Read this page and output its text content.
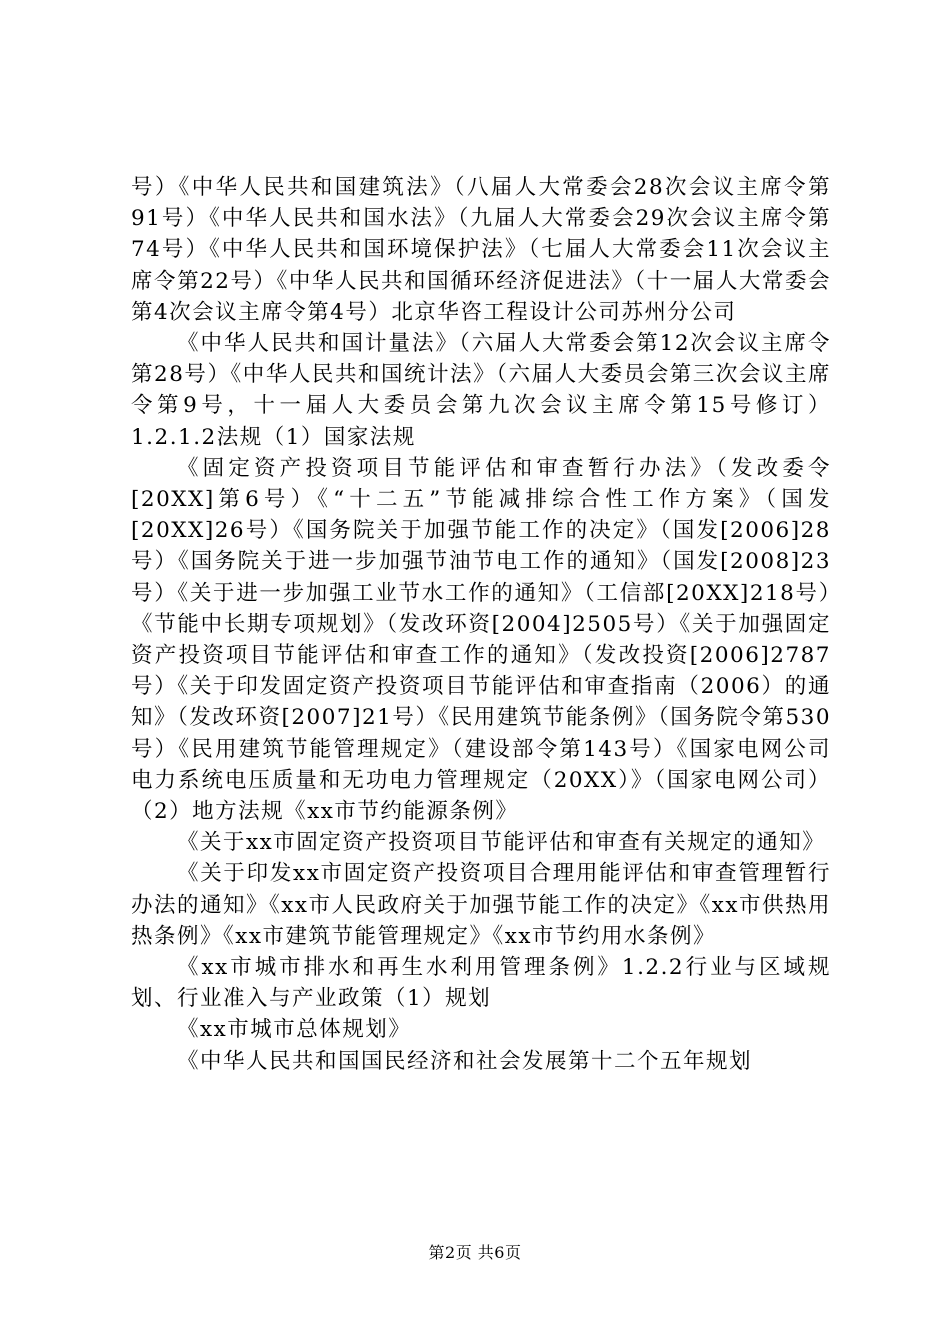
号）《中华人民共和国建筑法》（八届人大常委会28次会议主席令第91号）《中华人民共和国水法》（九届人大常委会29次会议主席令第74号）《中华人民共和国环境保护法》（七届人大常委会11次会议主席令第22号）《中华人民共和国循环经济促进法》（十一届人大常委会第4次会议主席令第4号）北京华咨工程设计公司苏州分公司

《中华人民共和国计量法》（六届人大常委会第12次会议主席令第28号）《中华人民共和国统计法》（六届人大委员会第三次会议主席令第9号，十一届人大委员会第九次会议主席令第15号修订）1.2.1.2法规（1）国家法规

《固定资产投资项目节能评估和审查暂行办法》（发改委令[20XX]第6号）《“十二五”节能减排综合性工作方案》（国发[20XX]26号）《国务院关于加强节能工作的决定》（国发[2006]28号）《国务院关于进一步加强节油节电工作的通知》（国发[2008]23号）《关于进一步加强工业节水工作的通知》（工信部[20XX]218号）《节能中长期专项规划》（发改环资[2004]2505号）《关于加强固定资产投资项目节能评估和审查工作的通知》（发改投资[2006]2787号）《关于印发固定资产投资项目节能评估和审查指南（2006）的通知》（发改环资[2007]21号）《民用建筑节能条例》（国务院令第530号）《民用建筑节能管理规定》（建设部令第143号）《国家电网公司电力系统电压质量和无功电力管理规定（20XX）》（国家电网公司）（2）地方法规《xx市节约能源条例》

《关于xx市固定资产投资项目节能评估和审查有关规定的通知》

《关于印发xx市固定资产投资项目合理用能评估和审查管理暂行办法的通知》《xx市人民政府关于加强节能工作的决定》《xx市供热用热条例》《xx市建筑节能管理规定》《xx市节约用水条例》

《xx市城市排水和再生水利用管理条例》1.2.2行业与区域规划、行业准入与产业政策（1）规划

《xx市城市总体规划》

《中华人民共和国国民经济和社会发展第十二个五年规划

第2页 共6页
